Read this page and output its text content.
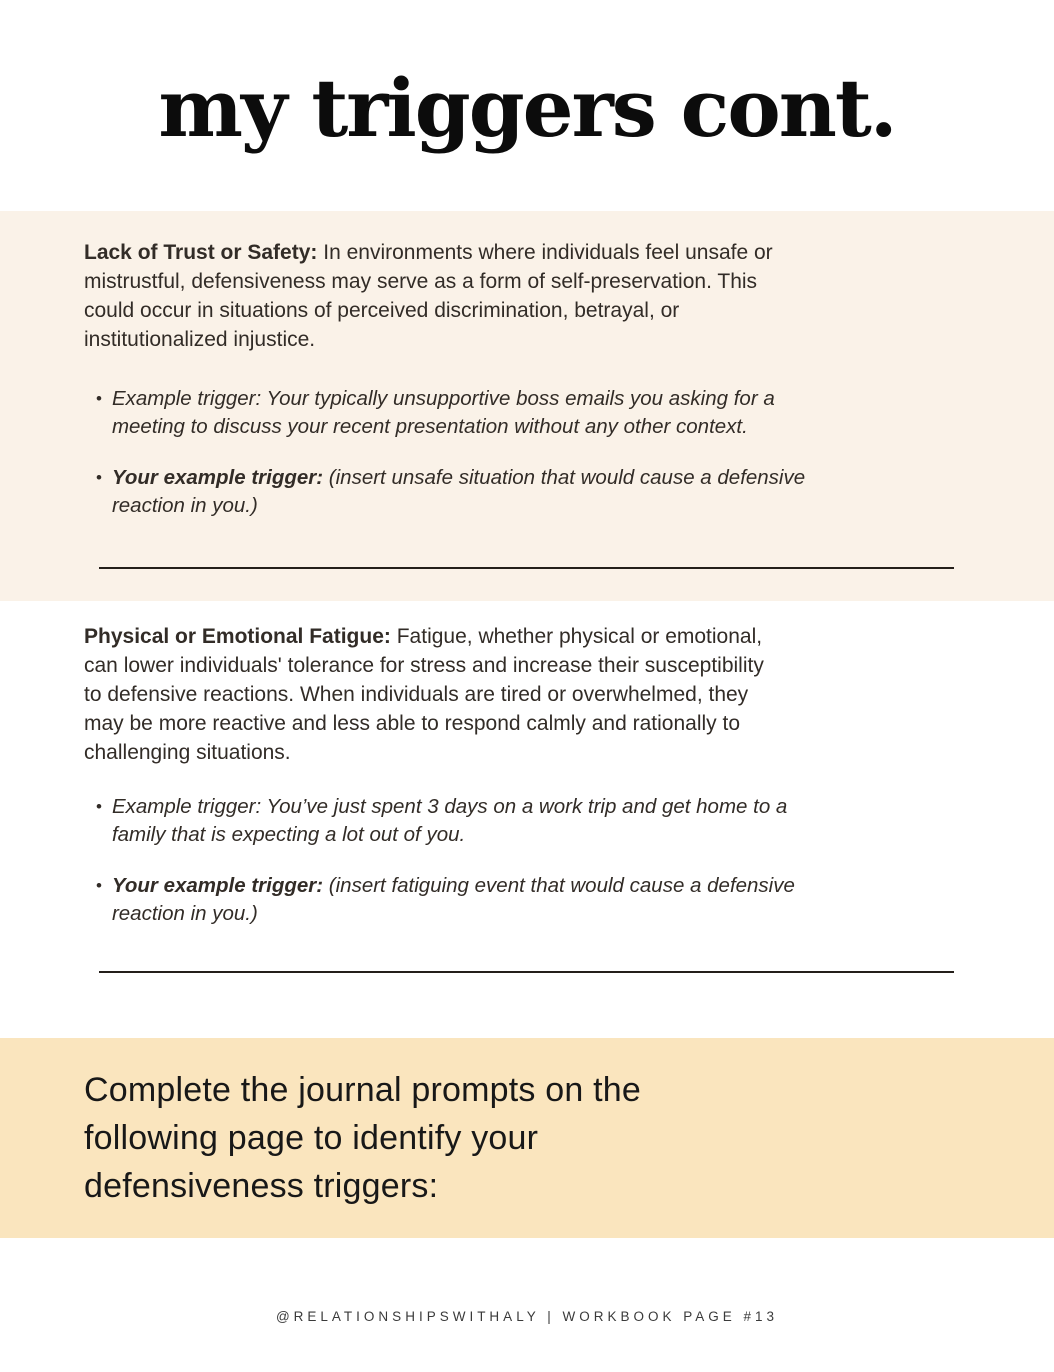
my triggers cont.

Lack of Trust or Safety: In environments where individuals feel unsafe or
mistrustful, defensiveness may serve as a form of self-preservation. This
could occur in situations of perceived discrimination, betrayal, or
institutionalized injustice.

• Example trigger: Your typically unsupportive boss emails you asking for a
meeting to discuss your recent presentation without any other context.
• Your example trigger: (insert unsafe situation that would cause a defensive
reaction in you.)

Physical or Emotional Fatigue: Fatigue, whether physical or emotional,
can lower individuals' tolerance for stress and increase their susceptibility
to defensive reactions. When individuals are tired or overwhelmed, they
may be more reactive and less able to respond calmly and rationally to
challenging situations.

• Example trigger: You’ve just spent 3 days on a work trip and get home to a
family that is expecting a lot out of you.
• Your example trigger: (insert fatiguing event that would cause a defensive
reaction in you.)

Complete the journal prompts on the
following page to identify your
defensiveness triggers:

@RELATIONSHIPSWITHALY | WORKBOOK PAGE #13
